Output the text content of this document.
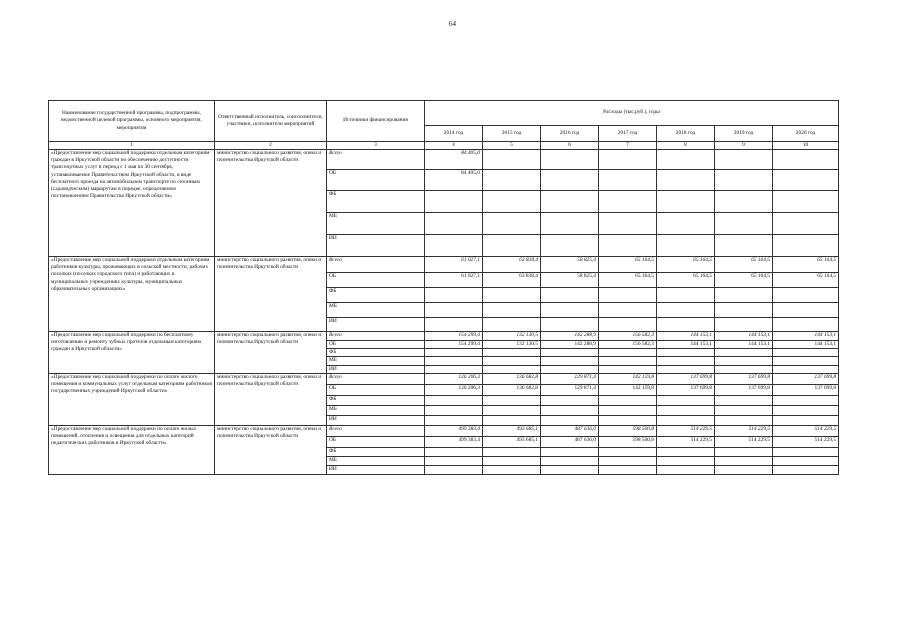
64
Наименование государственной программы, подпрограммы, ведомственной целевой программы, основного мероприятия, мероприятия	Ответственный исполнитель, соисполнители, участники, исполнители мероприятий	Источники финансирования	Расходы (тыс.руб.), годы						
			2014 год	2015 год	2016 год	2017 год	2018 год	2019 год	2020 год
1	2	3	4	5	6	7	8	9	10
«Предоставление мер социальной поддержки отдельным категориям граждан в Иркутской области по обеспечению доступности транспортных услуг в период с 1 мая по 30 сентября, устанавливаемое Правительством Иркутской области, в виде бесплатного проезда на автомобильном транспорте по сезонным (садоводческим) маршрутам в порядке, определяемом постановлением Правительства Иркутской области»	министерство социального развития, опеки и попечительства Иркутской области	Всего	84 405,0						
		ОБ	84 405,0						
		ФБ							
		МБ							
		ИИ							
«Предоставление мер социальной поддержки отдельным категориям работников культуры, проживающих в сельской местности, рабочих поселках (поселках городского типа) и работающих в муниципальных учреждениях культуры, муниципальных образовательных организациях»	министерство социального развития, опеки и попечительства Иркутской области	Всего	61 027,1	63 838,4	58 825,4	65 164,5	65 164,5	65 164,5	65 164,5
		ОБ	61 027,1	63 838,4	58 825,4	65 164,5	65 164,5	65 164,5	65 164,5
		ФБ							
		МБ							
		ИИ							
«Предоставление мер социальной поддержки по бесплатному изготовлению и ремонту зубных протезов отдельным категориям граждан в Иркутской области»	министерство социального развития, опеки и попечительства Иркутской области	Всего	154 299,4	132 130,5	142 288,9	156 582,3	144 153,1	144 153,1	144 153,1
		ОБ	154 299,4	132 130,5	142 288,9	156 582,3	144 153,1	144 153,1	144 153,1
		ФБ							
		МБ							
		ИИ							
«Предоставление мер социальной поддержки по оплате жилого помещения и коммунальных услуг отдельным категориям работников государственных учреждений Иркутской области»	министерство социального развития, опеки и попечительства Иркутской области	Всего	126 206,3	136 682,8	129 871,4	142 159,8	137 699,8	137 699,8	137 699,8
		ОБ	126 206,3	136 682,8	129 871,4	142 159,8	137 699,8	137 699,8	137 699,8
		ФБ							
		МБ							
		ИИ							
«Предоставление мер социальной поддержки по оплате жилых помещений, отопления и освещения для отдельных категорий педагогических работников в Иркутской области»	министерство социального развития, опеки и попечительства Иркутской области	Всего	499 383,4	493 685,1	487 636,0	598 500,8	514 229,5	514 229,5	514 229,5
		ОБ	499 383,4	493 685,1	487 636,0	598 500,8	514 229,5	514 229,5	514 229,5
		ФБ							
		МБ							
		ИИ							
